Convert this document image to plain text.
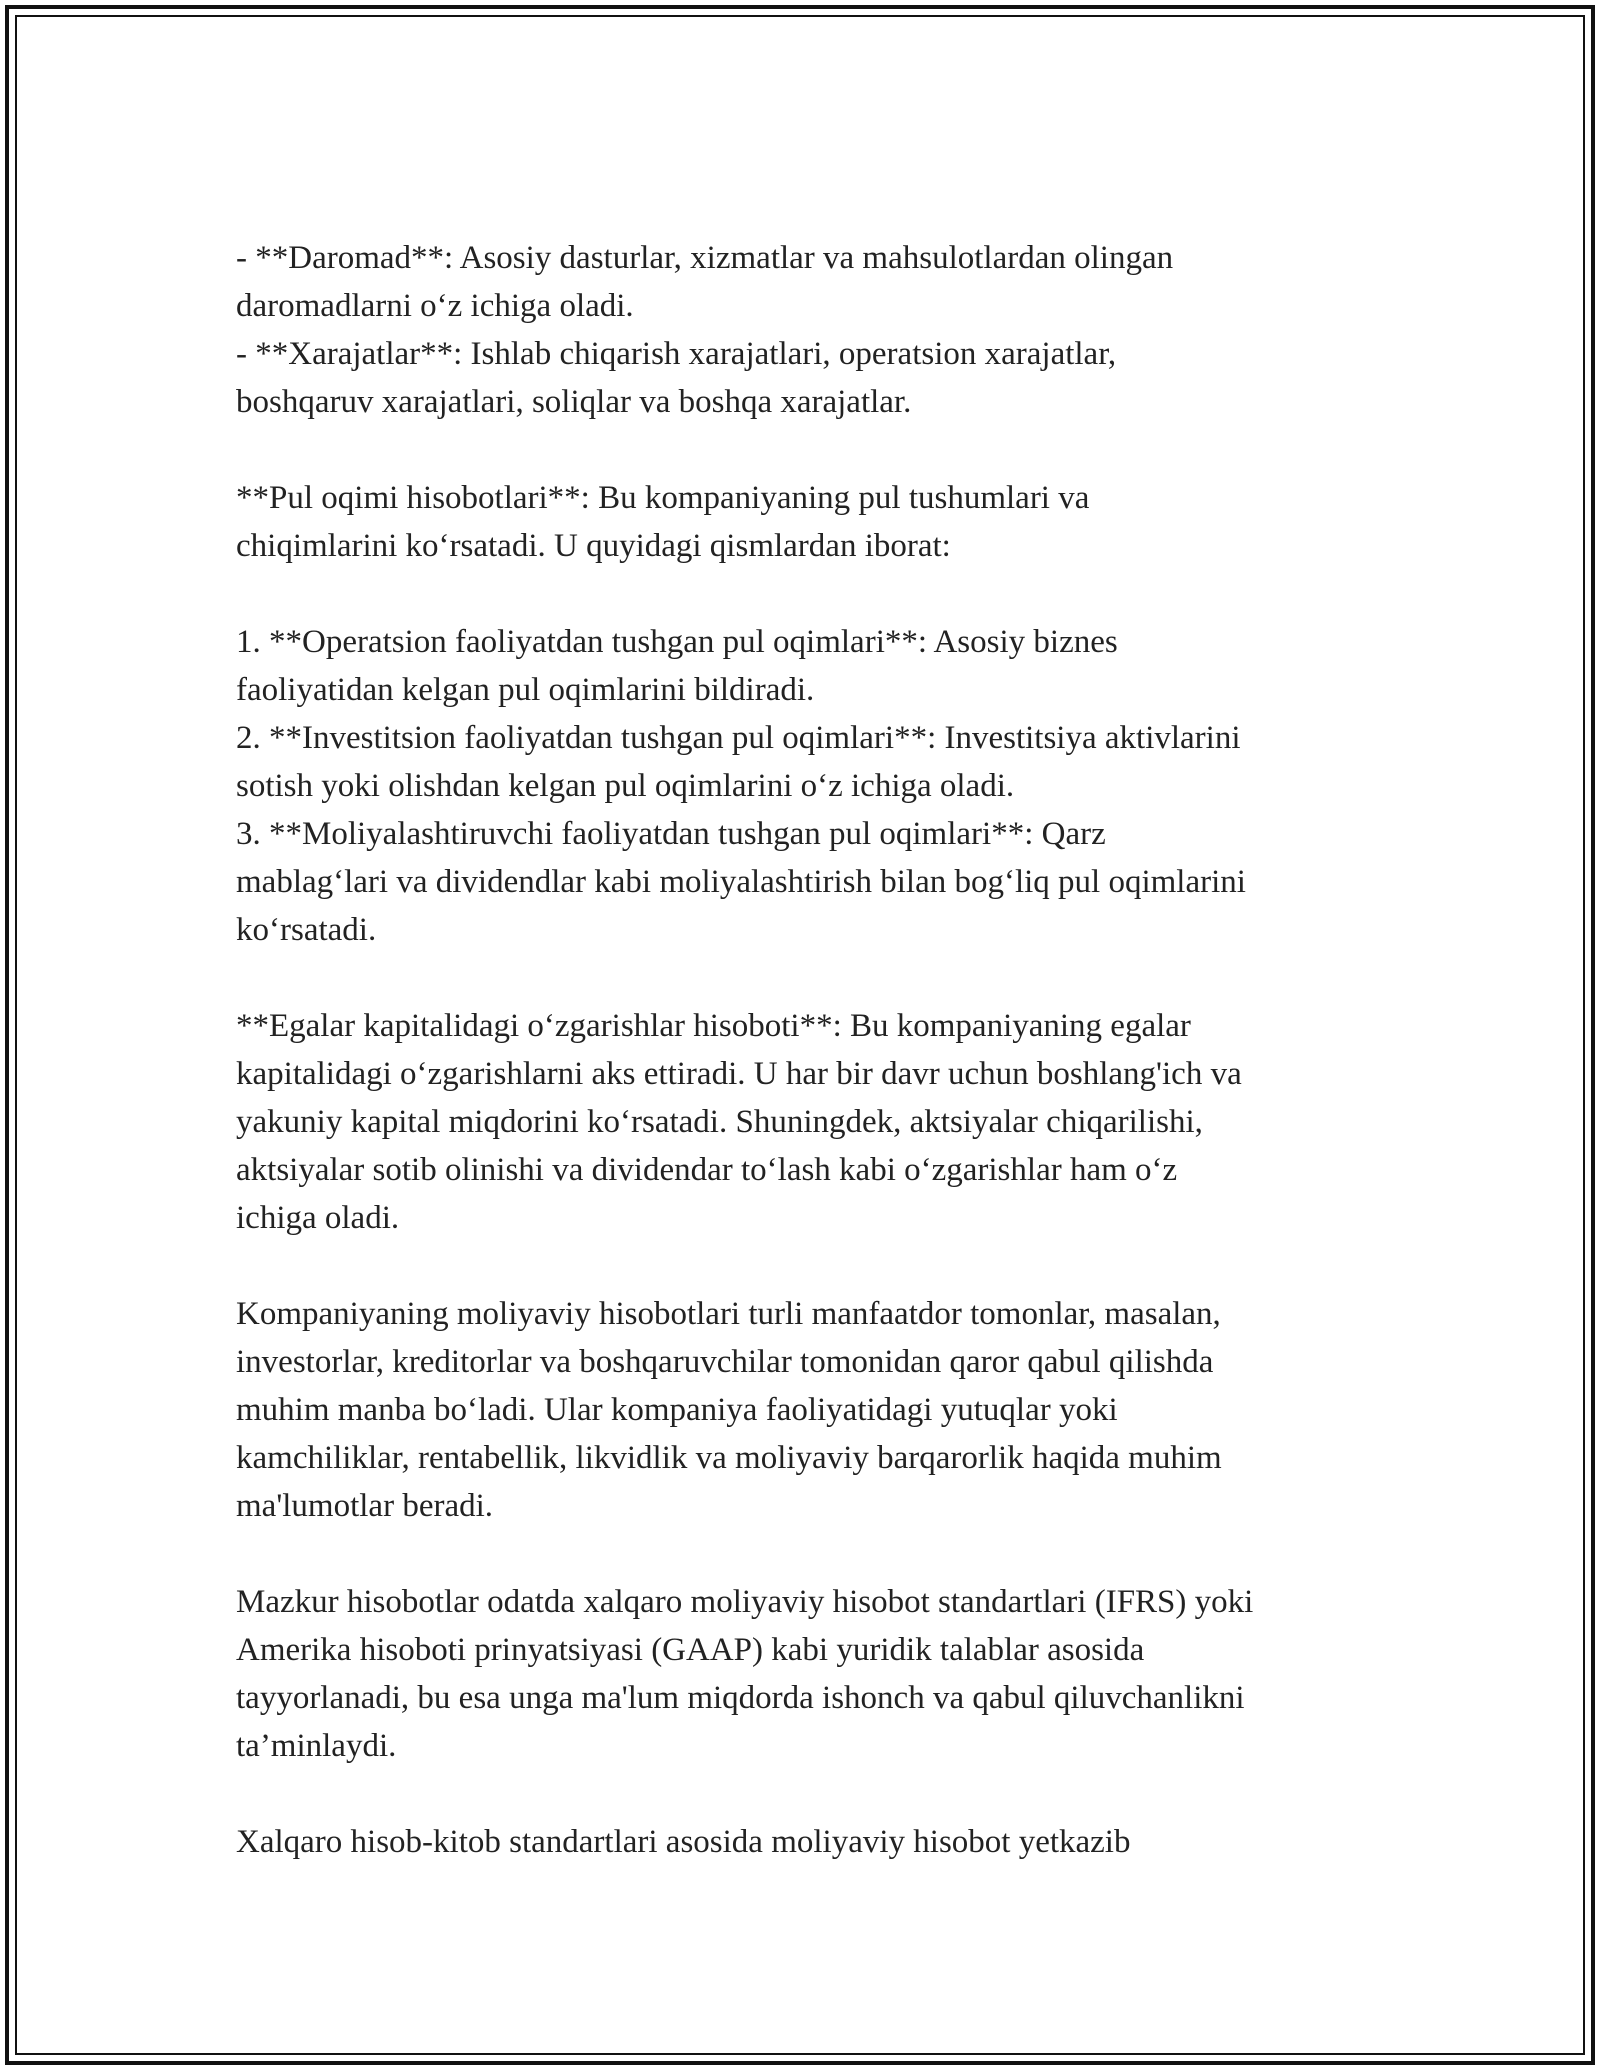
- **Daromad**: Asosiy dasturlar, xizmatlar va mahsulotlardan olingan
daromadlarni o‘z ichiga oladi.
- **Xarajatlar**: Ishlab chiqarish xarajatlari, operatsion xarajatlar,
boshqaruv xarajatlari, soliqlar va boshqa xarajatlar.
**Pul oqimi hisobotlari**: Bu kompaniyaning pul tushumlari va
chiqimlarini ko‘rsatadi. U quyidagi qismlardan iborat:
1. **Operatsion faoliyatdan tushgan pul oqimlari**: Asosiy biznes
faoliyatidan kelgan pul oqimlarini bildiradi.
2. **Investitsion faoliyatdan tushgan pul oqimlari**: Investitsiya aktivlarini
sotish yoki olishdan kelgan pul oqimlarini o‘z ichiga oladi.
3. **Moliyalashtiruvchi faoliyatdan tushgan pul oqimlari**: Qarz
mablag‘lari va dividendlar kabi moliyalashtirish bilan bog‘liq pul oqimlarini
ko‘rsatadi.
**Egalar kapitalidagi o‘zgarishlar hisoboti**: Bu kompaniyaning egalar
kapitalidagi o‘zgarishlarni aks ettiradi. U har bir davr uchun boshlang'ich va
yakuniy kapital miqdorini ko‘rsatadi. Shuningdek, aktsiyalar chiqarilishi,
aktsiyalar sotib olinishi va dividendar to‘lash kabi o‘zgarishlar ham o‘z
ichiga oladi.
Kompaniyaning moliyaviy hisobotlari turli manfaatdor tomonlar, masalan,
investorlar, kreditorlar va boshqaruvchilar tomonidan qaror qabul qilishda
muhim manba bo‘ladi. Ular kompaniya faoliyatidagi yutuqlar yoki
kamchiliklar, rentabellik, likvidlik va moliyaviy barqarorlik haqida muhim
ma'lumotlar beradi.
Mazkur hisobotlar odatda xalqaro moliyaviy hisobot standartlari (IFRS) yoki
Amerika hisoboti prinyatsiyasi (GAAP) kabi yuridik talablar asosida
tayyorlanadi, bu esa unga ma'lum miqdorda ishonch va qabul qiluvchanlikni
ta’minlaydi.
Xalqaro hisob-kitob standartlari asosida moliyaviy hisobot yetkazib
